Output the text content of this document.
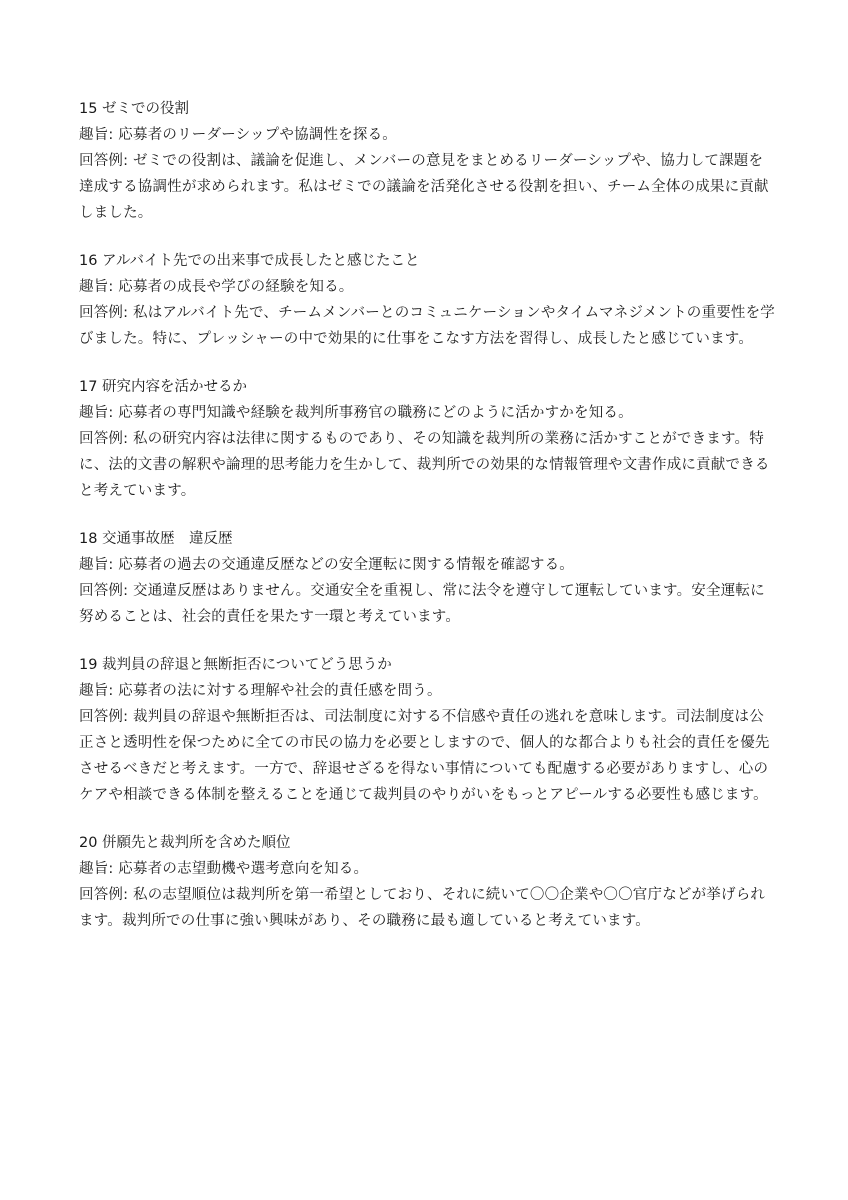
15 ゼミでの役割

趣旨: 応募者のリーダーシップや協調性を探る。

回答例: ゼミでの役割は、議論を促進し、メンバーの意見をまとめるリーダーシップや、協力して課題を達成する協調性が求められます。私はゼミでの議論を活発化させる役割を担い、チーム全体の成果に貢献しました。

16 アルバイト先での出来事で成長したと感じたこと

趣旨: 応募者の成長や学びの経験を知る。

回答例: 私はアルバイト先で、チームメンバーとのコミュニケーションやタイムマネジメントの重要性を学びました。特に、プレッシャーの中で効果的に仕事をこなす方法を習得し、成長したと感じています。

17 研究内容を活かせるか

趣旨: 応募者の専門知識や経験を裁判所事務官の職務にどのように活かすかを知る。

回答例: 私の研究内容は法律に関するものであり、その知識を裁判所の業務に活かすことができます。特に、法的文書の解釈や論理的思考能力を生かして、裁判所での効果的な情報管理や文書作成に貢献できると考えています。

18 交通事故歴　違反歴

趣旨: 応募者の過去の交通違反歴などの安全運転に関する情報を確認する。

回答例: 交通違反歴はありません。交通安全を重視し、常に法令を遵守して運転しています。安全運転に努めることは、社会的責任を果たす一環と考えています。

19 裁判員の辞退と無断拒否についてどう思うか

趣旨: 応募者の法に対する理解や社会的責任感を問う。

回答例: 裁判員の辞退や無断拒否は、司法制度に対する不信感や責任の逃れを意味します。司法制度は公正さと透明性を保つために全ての市民の協力を必要としますので、個人的な都合よりも社会的責任を優先させるべきだと考えます。一方で、辞退せざるを得ない事情についても配慮する必要がありますし、心のケアや相談できる体制を整えることを通じて裁判員のやりがいをもっとアピールする必要性も感じます。

20 併願先と裁判所を含めた順位

趣旨: 応募者の志望動機や選考意向を知る。

回答例: 私の志望順位は裁判所を第一希望としており、それに続いて〇〇企業や〇〇官庁などが挙げられます。裁判所での仕事に強い興味があり、その職務に最も適していると考えています。
